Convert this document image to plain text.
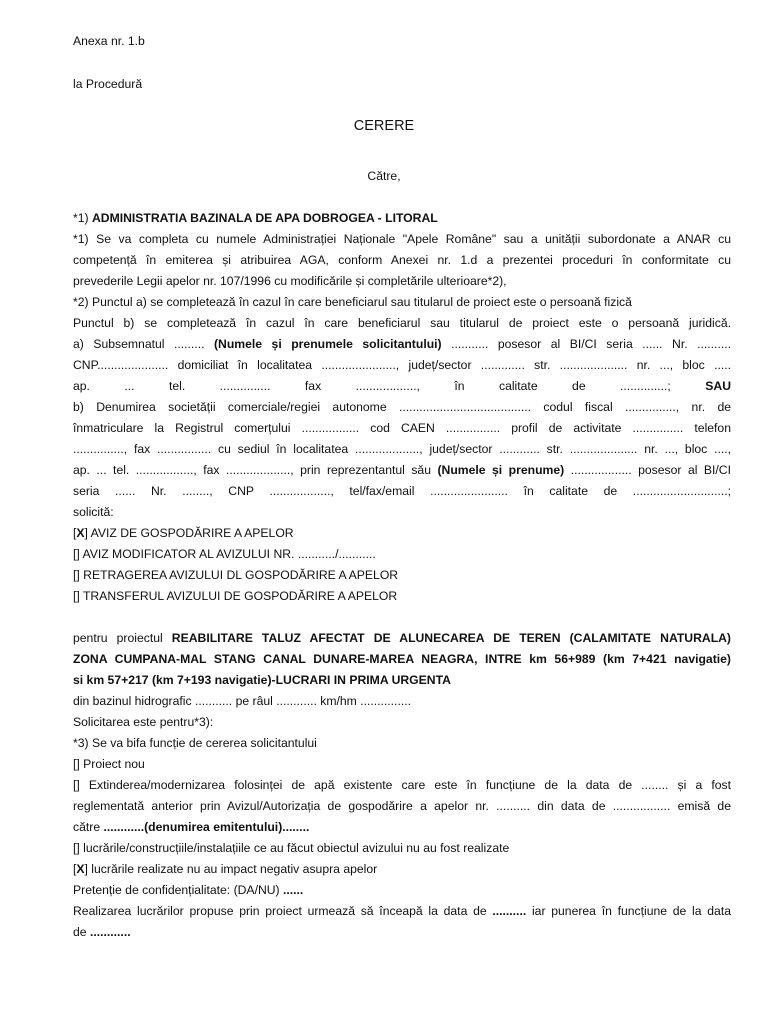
Anexa nr. 1.b
la Procedură
CERERE
Către,
*1) ADMINISTRATIA BAZINALA DE APA DOBROGEA - LITORAL
*1) Se va completa cu numele Administrației Naționale "Apele Române" sau a unității subordonate a ANAR cu
competență în emiterea și atribuirea AGA, conform Anexei nr. 1.d a prezentei proceduri în conformitate cu
prevederile Legii apelor nr. 107/1996 cu modificările și completările ulterioare*2),
*2) Punctul a) se completează în cazul în care beneficiarul sau titularul de proiect este o persoană fizică
Punctul b) se completează în cazul în care beneficiarul sau titularul de proiect este o persoană juridică.
a) Subsemnatul ......... (Numele și prenumele solicitantului) ........... posesor al BI/CI seria ...... Nr. ..........
CNP..................... domiciliat în localitatea ......................, județ/sector ............. str. .................... nr. ..., bloc .....
ap. ... tel. ............... fax .................., în calitate de ..............; SAU
b) Denumirea societății comerciale/regiei autonome ....................................... codul fiscal ..............., nr. de
înmatriculare la Registrul comerțului ................. cod CAEN ................ profil de activitate ............... telefon
..............., fax ................ cu sediul în localitatea ..................., județ/sector ............ str. .................... nr. ..., bloc ....,
ap. ... tel. ................., fax ..................., prin reprezentantul său (Numele și prenume) .................. posesor al BI/CI
seria ...... Nr. ........, CNP .................., tel/fax/email ....................... în calitate de ............................;
solicită:
[X] AVIZ DE GOSPODĂRIRE A APELOR
[] AVIZ MODIFICATOR AL AVIZULUI NR. .........../...........
[] RETRAGEREA AVIZULUI DL GOSPODĂRIRE A APELOR
[] TRANSFERUL AVIZULUI DE GOSPODĂRIRE A APELOR
pentru proiectul REABILITARE TALUZ AFECTAT DE ALUNECAREA DE TEREN (CALAMITATE NATURALA)
ZONA CUMPANA-MAL STANG CANAL DUNARE-MAREA NEAGRA, INTRE km 56+989 (km 7+421 navigatie)
si km 57+217 (km 7+193 navigatie)-LUCRARI IN PRIMA URGENTA
din bazinul hidrografic ........... pe râul ............ km/hm ...............
Solicitarea este pentru*3):
*3) Se va bifa funcție de cererea solicitantului
[] Proiect nou
[] Extinderea/modernizarea folosinței de apă existente care este în funcțiune de la data de ........ și a fost
reglementată anterior prin Avizul/Autorizația de gospodărire a apelor nr. .......... din data de ................. emisă de
către ............(denumirea emitentului)........
[] lucrările/construcțiile/instalațiile ce au făcut obiectul avizului nu au fost realizate
[X] lucrările realizate nu au impact negativ asupra apelor
Pretenție de confidențialitate: (DA/NU) ......
Realizarea lucrărilor propuse prin proiect urmează să înceapă la data de .......... iar punerea în funcțiune de la data
de ............
